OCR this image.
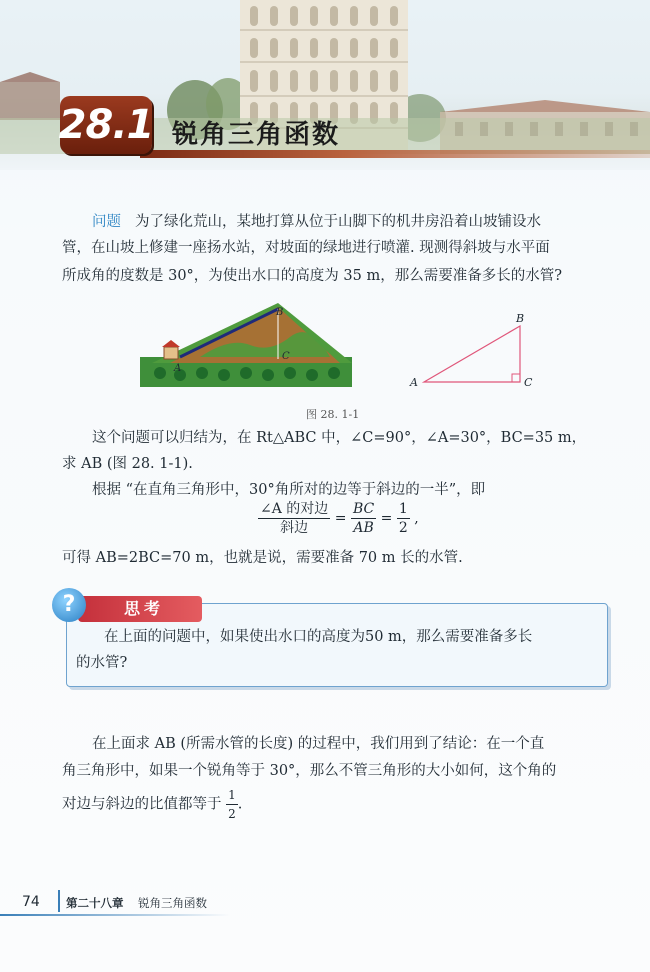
28.1 锐角三角函数
问题 为了绿化荒山，某地打算从位于山脚下的机井房沿着山坡铺设水
管，在山坡上修建一座扬水站，对坡面的绿地进行喷灌. 现测得斜坡与水平面
所成角的度数是 30°，为使出水口的高度为 35 m，那么需要准备多长的水管?
B
C
A
A
B
C
图 28. 1-1
这个问题可以归结为，在 Rt△ABC 中，∠C=90°，∠A=30°，BC=35 m，
求 AB (图 28. 1-1).
根据 “在直角三角形中，30°角所对的边等于斜边的一半”，即
$\frac{\text{∠A 的对边}}{\text{斜边}} = \frac{BC}{AB} = \frac{1}{2}$ ,
可得 AB=2BC=70 m，也就是说，需要准备 70 m 长的水管.
思考
?
在上面的问题中，如果使出水口的高度为50 m，那么需要准备多长
的水管?
在上面求 AB (所需水管的长度) 的过程中，我们用到了结论：在一个直
角三角形中，如果一个锐角等于 30°，那么不管三角形的大小如何，这个角的
对边与斜边的比值都等于 $\frac{1}{2}$ .
74 第二十八章 锐角三角函数
